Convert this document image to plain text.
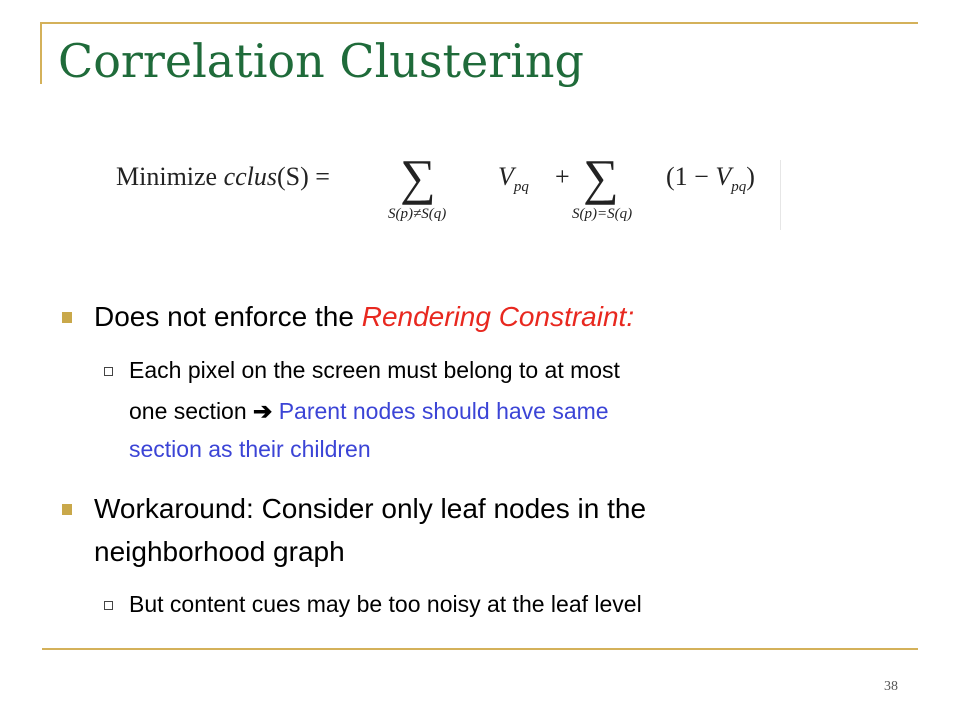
Correlation Clustering
Minimize cclus(S) = ∑
S(p)≠S(q)
$V_{pq}$ + ∑
S(p)=S(q)
$(1 - V_{pq})$
Does not enforce the Rendering Constraint:
Each pixel on the screen must belong to at most
one section ➔ Parent nodes should have same
section as their children
Workaround: Consider only leaf nodes in the
neighborhood graph
But content cues may be too noisy at the leaf level
38
